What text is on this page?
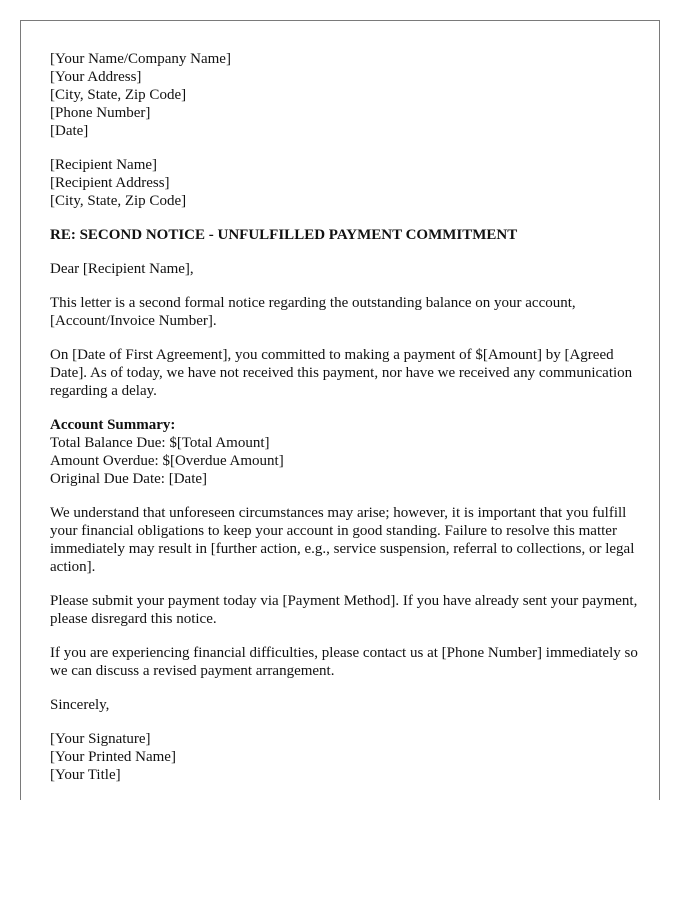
[Your Name/Company Name]
[Your Address]
[City, State, Zip Code]
[Phone Number]
[Date]
[Recipient Name]
[Recipient Address]
[City, State, Zip Code]

RE: SECOND NOTICE - UNFULFILLED PAYMENT COMMITMENT

Dear [Recipient Name],

This letter is a second formal notice regarding the outstanding balance on your account, [Account/Invoice Number].

On [Date of First Agreement], you committed to making a payment of $[Amount] by [Agreed Date]. As of today, we have not received this payment, nor have we received any communication regarding a delay.

Account Summary:
Total Balance Due: $[Total Amount]
Amount Overdue: $[Overdue Amount]
Original Due Date: [Date]

We understand that unforeseen circumstances may arise; however, it is important that you fulfill your financial obligations to keep your account in good standing. Failure to resolve this matter immediately may result in [further action, e.g., service suspension, referral to collections, or legal action].

Please submit your payment today via [Payment Method]. If you have already sent your payment, please disregard this notice.

If you are experiencing financial difficulties, please contact us at [Phone Number] immediately so we can discuss a revised payment arrangement.

Sincerely,

[Your Signature]
[Your Printed Name]
[Your Title]
